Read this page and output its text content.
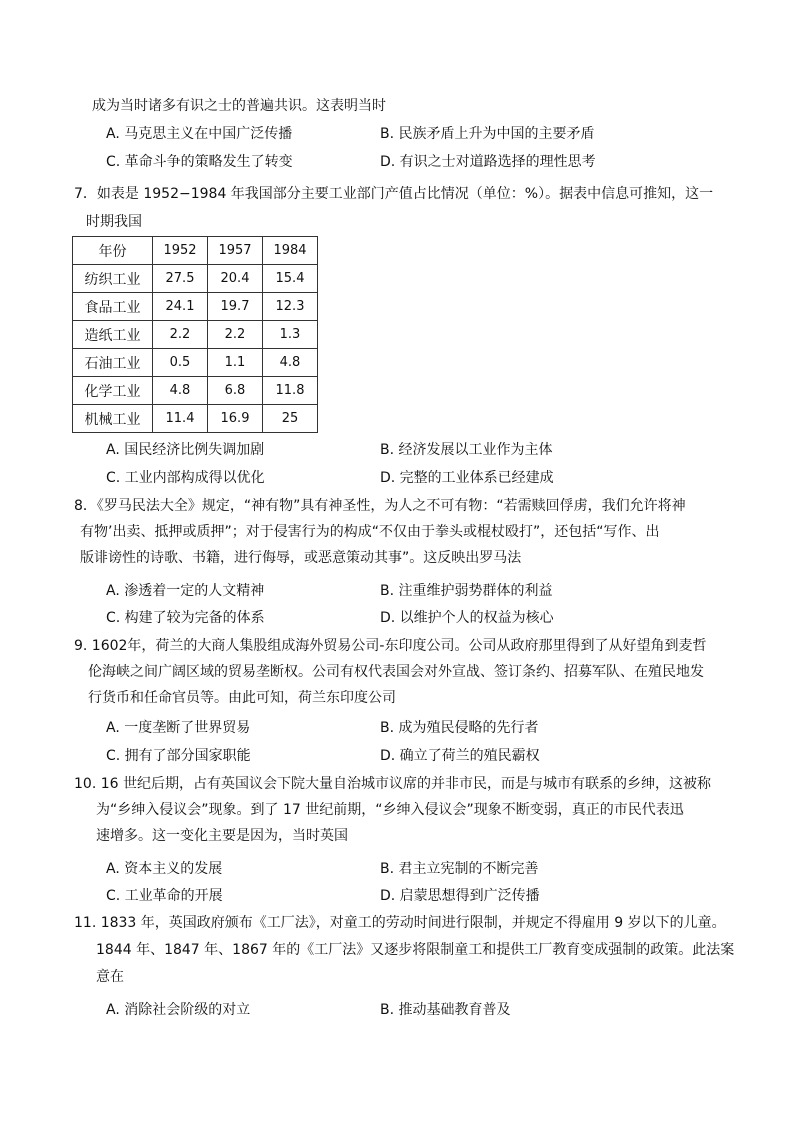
成为当时诸多有识之士的普遍共识。这表明当时
A. 马克思主义在中国广泛传播	B. 民族矛盾上升为中国的主要矛盾
C. 革命斗争的策略发生了转变	D. 有识之士对道路选择的理性思考
7．如表是 1952−1984 年我国部分主要工业部门产值占比情况（单位：%）。据表中信息可推知，这一
时期我国
年份	1952	1957	1984
纺织工业	27.5	20.4	15.4
食品工业	24.1	19.7	12.3
造纸工业	2.2	2.2	1.3
石油工业	0.5	1.1	4.8
化学工业	4.8	6.8	11.8
机械工业	11.4	16.9	25
A. 国民经济比例失调加剧	B. 经济发展以工业作为主体
C. 工业内部构成得以优化	D. 完整的工业体系已经建成
8．《罗马民法大全》规定，“神有物”具有神圣性，为人之不可有物：“若需赎回俘虏，我们允许将神
有物’出卖、抵押或质押”；对于侵害行为的构成“不仅由于拳头或棍杖殴打”，还包括“写作、出
版诽谤性的诗歌、书籍，进行侮辱，或恶意策动其事”。这反映出罗马法
A. 渗透着一定的人文精神	B. 注重维护弱势群体的利益
C. 构建了较为完备的体系	D. 以维护个人的权益为核心
9. 1602年，荷兰的大商人集股组成海外贸易公司-东印度公司。公司从政府那里得到了从好望角到麦哲
伦海峡之间广阔区域的贸易垄断权。公司有权代表国会对外宣战、签订条约、招募军队、在殖民地发
行货币和任命官员等。由此可知，荷兰东印度公司
A. 一度垄断了世界贸易	B. 成为殖民侵略的先行者
C. 拥有了部分国家职能	D. 确立了荷兰的殖民霸权
10. 16 世纪后期，占有英国议会下院大量自治城市议席的并非市民，而是与城市有联系的乡绅，这被称
为“乡绅入侵议会”现象。到了 17 世纪前期，“乡绅入侵议会”现象不断变弱，真正的市民代表迅
速增多。这一变化主要是因为，当时英国
A. 资本主义的发展	B. 君主立宪制的不断完善
C. 工业革命的开展	D. 启蒙思想得到广泛传播
11. 1833 年，英国政府颁布《工厂法》，对童工的劳动时间进行限制，并规定不得雇用 9 岁以下的儿童。
1844 年、1847 年、1867 年的《工厂法》又逐步将限制童工和提供工厂教育变成强制的政策。此法案
意在
A. 消除社会阶级的对立	B. 推动基础教育普及
